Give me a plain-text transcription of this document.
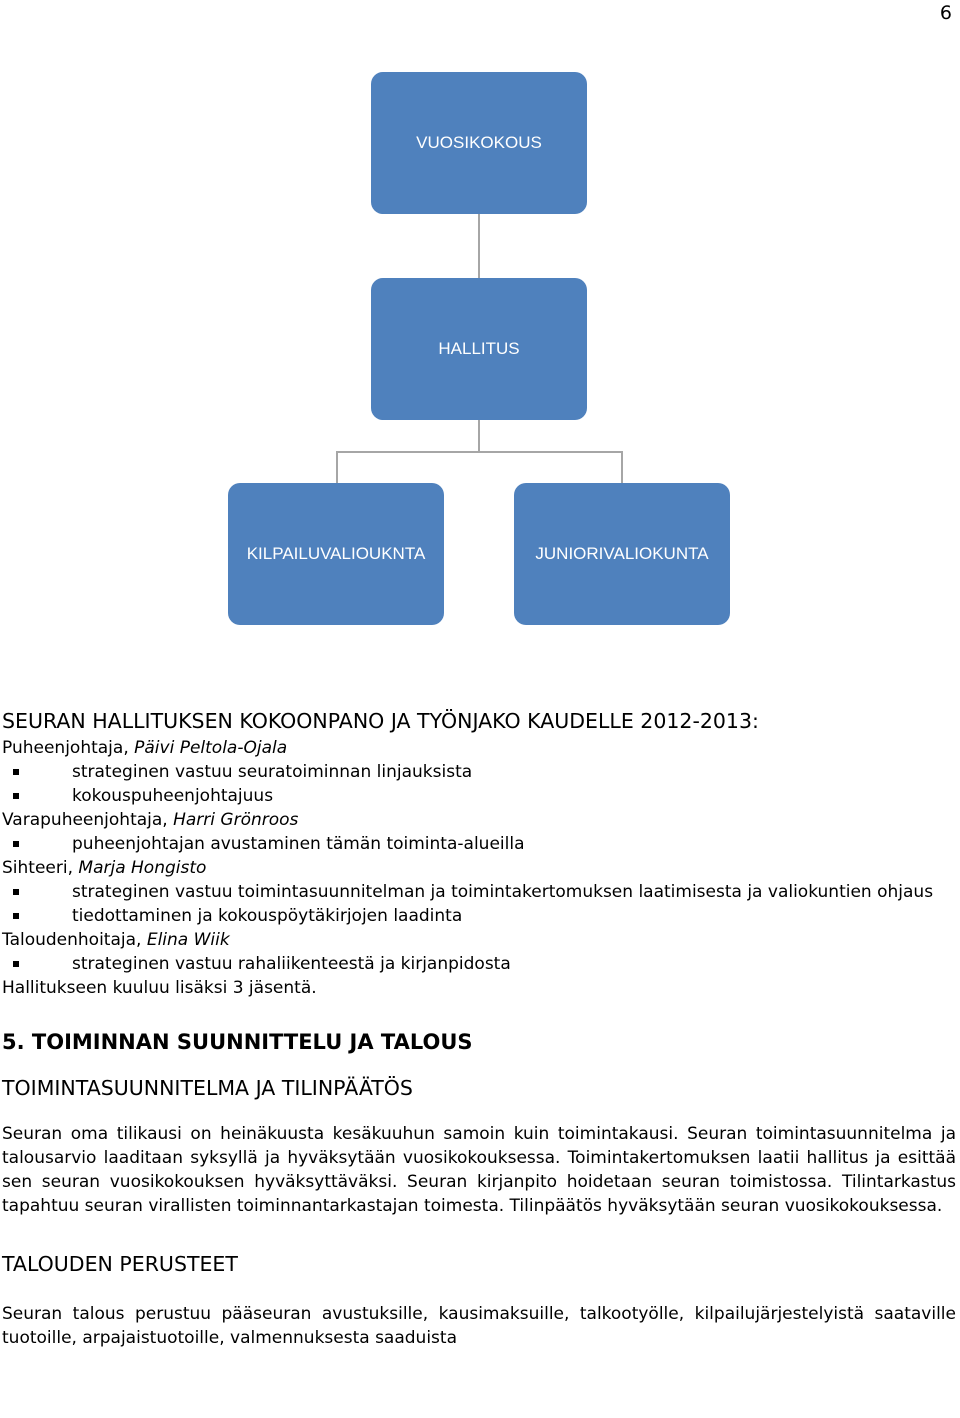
6
VUOSIKOKOUS
HALLITUS
KILPAILUVALIOUKNTA	JUNIORIVALIOKUNTA
SEURAN HALLITUKSEN KOKOONPANO JA TYÖNJAKO KAUDELLE 2012-2013:

Puheenjohtaja, Päivi Peltola-Ojala

strateginen vastuu seuratoiminnan linjauksista
kokouspuheenjohtajuus

Varapuheenjohtaja, Harri Grönroos

puheenjohtajan avustaminen tämän toiminta-alueilla

Sihteeri, Marja Hongisto

strateginen vastuu toimintasuunnitelman ja toimintakertomuksen laatimisesta ja valiokuntien ohjaus
tiedottaminen ja kokouspöytäkirjojen laadinta

Taloudenhoitaja, Elina Wiik

strateginen vastuu rahaliikenteestä ja kirjanpidosta

Hallitukseen kuuluu lisäksi 3 jäsentä.

5. TOIMINNAN SUUNNITTELU JA TALOUS
TOIMINTASUUNNITELMA JA TILINPÄÄTÖS

Seuran oma tilikausi on heinäkuusta kesäkuuhun samoin kuin toimintakausi. Seuran toimintasuunnitelma ja talousarvio laaditaan syksyllä ja hyväksytään vuosikokouksessa. Toimintakertomuksen laatii hallitus ja esittää sen seuran vuosikokouksen hyväksyttäväksi. Seuran kirjanpito hoidetaan seuran toimistossa. Tilintarkastus tapahtuu seuran virallisten toiminnantarkastajan toimesta. Tilinpäätös hyväksytään seuran vuosikokouksessa.

TALOUDEN PERUSTEET

Seuran talous perustuu pääseuran avustuksille, kausimaksuille, talkootyölle, kilpailujärjestelyistä saataville tuotoille, arpajaistuotoille, valmennuksesta saaduista
